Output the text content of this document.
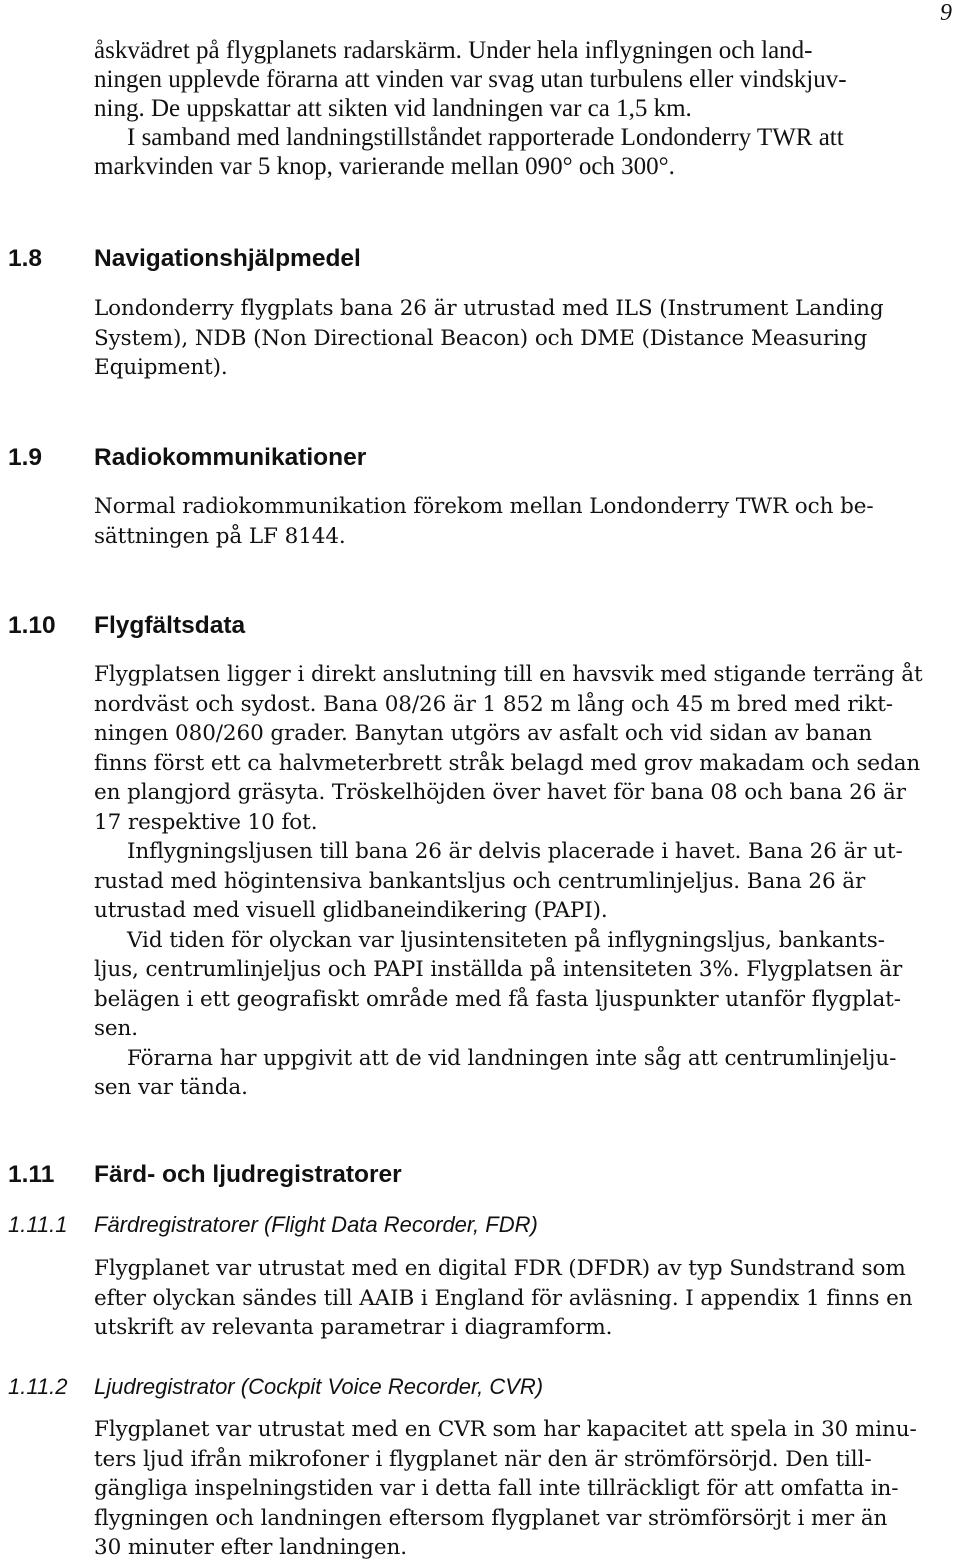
9
åskvädret på flygplanets radarskärm. Under hela inflygningen och land-
ningen upplevde förarna att vinden var svag utan turbulens eller vindskjuv-
ning. De uppskattar att sikten vid landningen var ca 1,5 km.
I samband med landningstillståndet rapporterade Londonderry TWR att
markvinden var 5 knop, varierande mellan 090° och 300°.
1.8 Navigationshjälpmedel
Londonderry flygplats bana 26 är utrustad med ILS (Instrument Landing
System), NDB (Non Directional Beacon) och DME (Distance Measuring
Equipment).
1.9 Radiokommunikationer
Normal radiokommunikation förekom mellan Londonderry TWR och be-
sättningen på LF 8144.
1.10 Flygfältsdata
Flygplatsen ligger i direkt anslutning till en havsvik med stigande terräng åt
nordväst och sydost. Bana 08/26 är 1 852 m lång och 45 m bred med rikt-
ningen 080/260 grader. Banytan utgörs av asfalt och vid sidan av banan
finns först ett ca halvmeterbrett stråk belagd med grov makadam och sedan
en plangjord gräsyta. Tröskelhöjden över havet för bana 08 och bana 26 är
17 respektive 10 fot.
Inflygningsljusen till bana 26 är delvis placerade i havet. Bana 26 är ut-
rustad med högintensiva bankantsljus och centrumlinjeljus. Bana 26 är
utrustad med visuell glidbaneindikering (PAPI).
Vid tiden för olyckan var ljusintensiteten på inflygningsljus, bankants-
ljus, centrumlinjeljus och PAPI inställda på intensiteten 3%. Flygplatsen är
belägen i ett geografiskt område med få fasta ljuspunkter utanför flygplat-
sen.
Förarna har uppgivit att de vid landningen inte såg att centrumlinjelju-
sen var tända.
1.11 Färd- och ljudregistratorer
1.11.1 Färdregistratorer (Flight Data Recorder, FDR)
Flygplanet var utrustat med en digital FDR (DFDR) av typ Sundstrand som
efter olyckan sändes till AAIB i England för avläsning. I appendix 1 finns en
utskrift av relevanta parametrar i diagramform.
1.11.2 Ljudregistrator (Cockpit Voice Recorder, CVR)
Flygplanet var utrustat med en CVR som har kapacitet att spela in 30 minu-
ters ljud ifrån mikrofoner i flygplanet när den är strömförsörjd. Den till-
gängliga inspelningstiden var i detta fall inte tillräckligt för att omfatta in-
flygningen och landningen eftersom flygplanet var strömförsörjt i mer än
30 minuter efter landningen.
